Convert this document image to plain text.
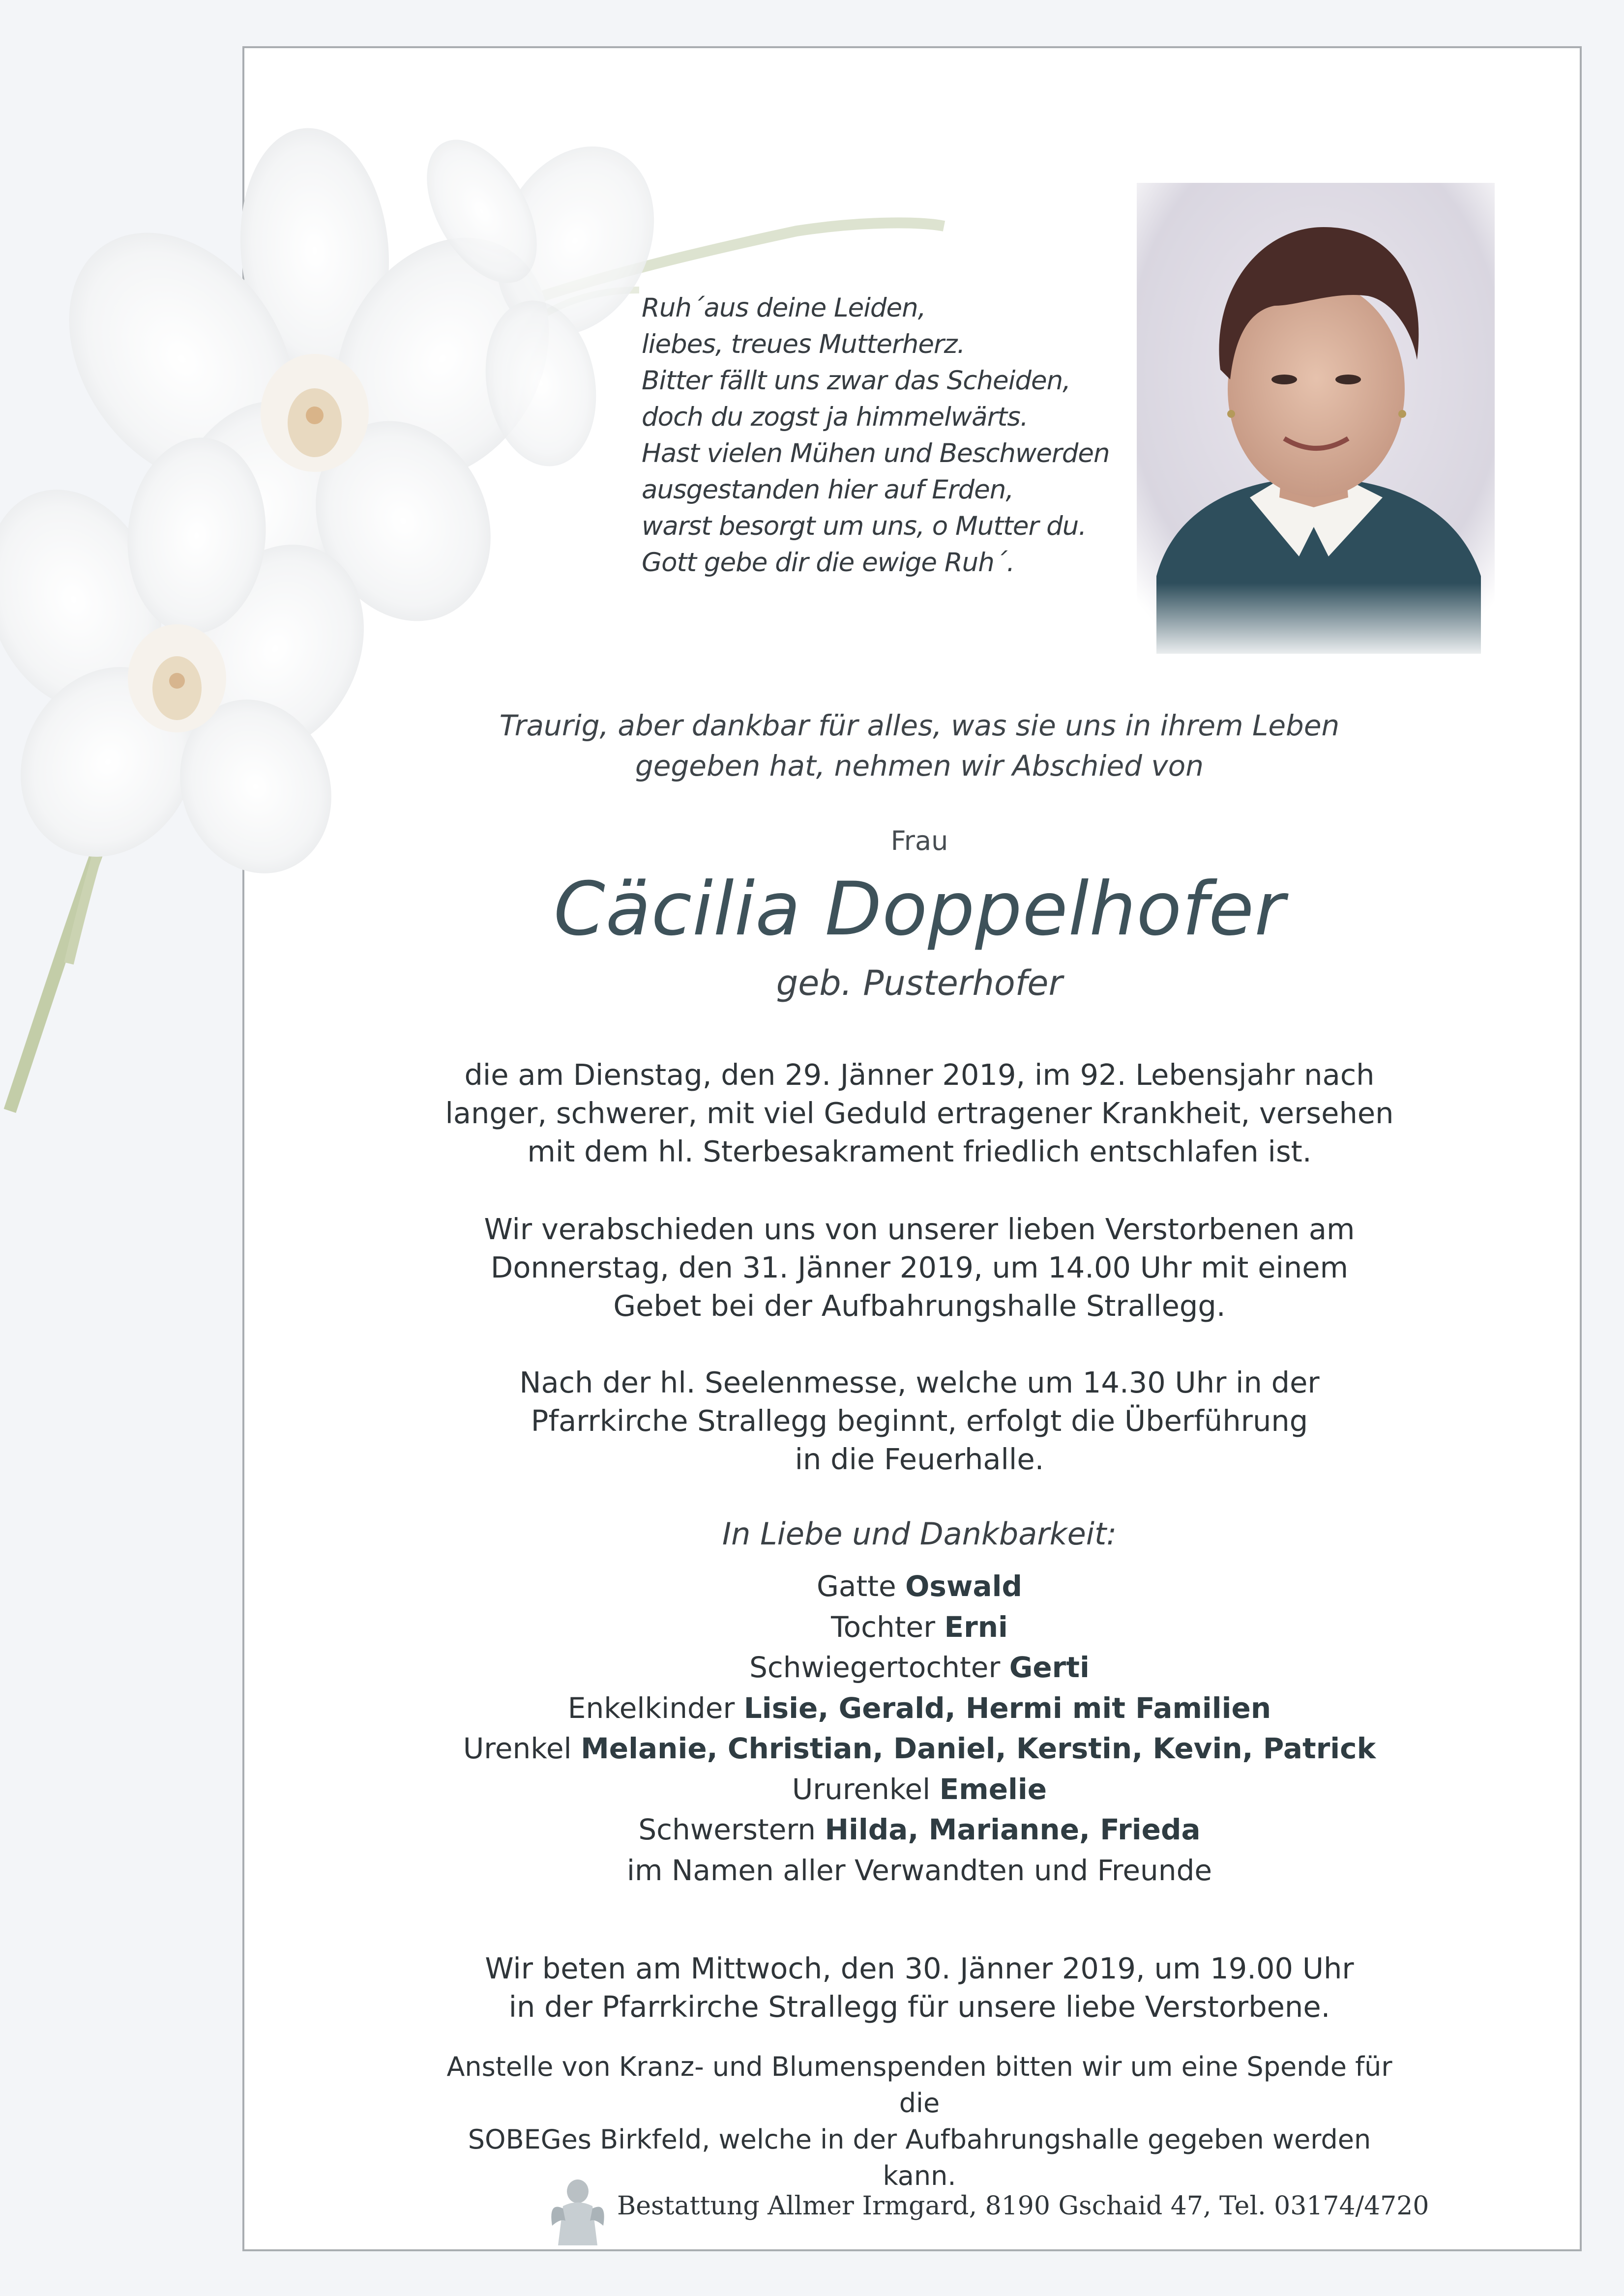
Ruh´aus deine Leiden,
liebes, treues Mutterherz.
Bitter fällt uns zwar das Scheiden,
doch du zogst ja himmelwärts.
Hast vielen Mühen und Beschwerden
ausgestanden hier auf Erden,
warst besorgt um uns, o Mutter du.
Gott gebe dir die ewige Ruh´.
Traurig, aber dankbar für alles, was sie uns in ihrem Leben
gegeben hat, nehmen wir Abschied von
Frau
Cäcilia Doppelhofer
geb. Pusterhofer
die am Dienstag, den 29. Jänner 2019, im 92. Lebensjahr nach
langer, schwerer, mit viel Geduld ertragener Krankheit, versehen
mit dem hl. Sterbesakrament friedlich entschlafen ist.
Wir verabschieden uns von unserer lieben Verstorbenen am
Donnerstag, den 31. Jänner 2019, um 14.00 Uhr mit einem
Gebet bei der Aufbahrungshalle Strallegg.
Nach der hl. Seelenmesse, welche um 14.30 Uhr in der
Pfarrkirche Strallegg beginnt, erfolgt die Überführung
in die Feuerhalle.
In Liebe und Dankbarkeit:
Gatte Oswald
Tochter Erni
Schwiegertochter Gerti
Enkelkinder Lisie, Gerald, Hermi mit Familien
Urenkel Melanie, Christian, Daniel, Kerstin, Kevin, Patrick
Ururenkel Emelie
Schwerstern Hilda, Marianne, Frieda
im Namen aller Verwandten und Freunde
Wir beten am Mittwoch, den 30. Jänner 2019, um 19.00 Uhr
in der Pfarrkirche Strallegg für unsere liebe Verstorbene.
Anstelle von Kranz- und Blumenspenden bitten wir um eine Spende für die
SOBEGes Birkfeld, welche in der Aufbahrungshalle gegeben werden kann.
Bestattung Allmer Irmgard, 8190 Gschaid 47, Tel. 03174/4720
